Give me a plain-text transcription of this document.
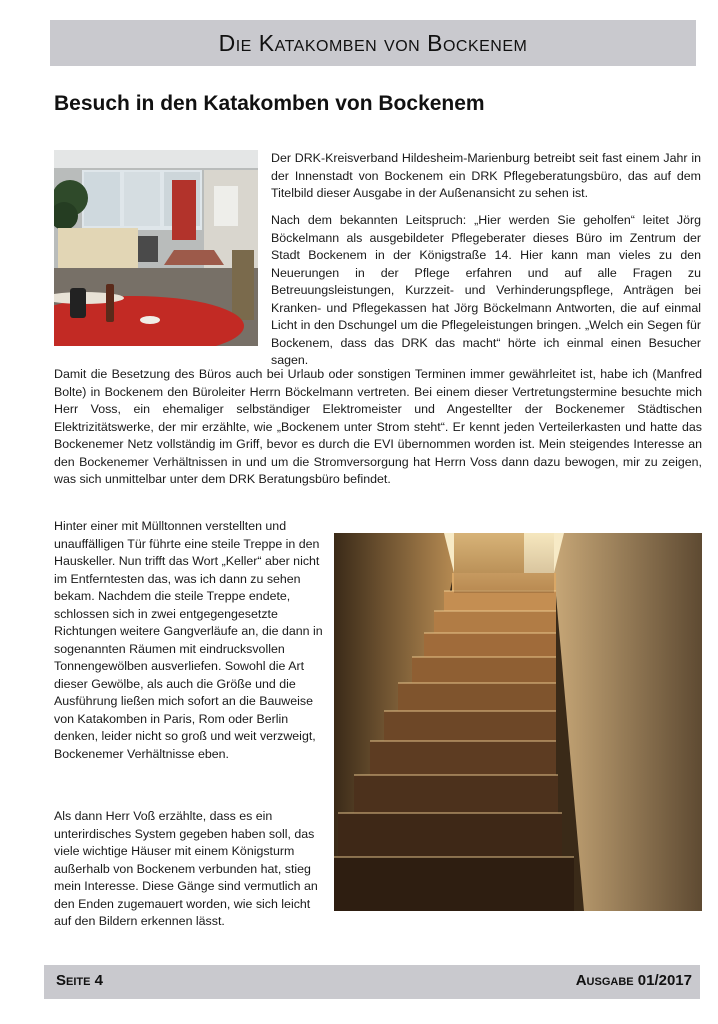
Die Katakomben von Bockenem
Besuch in den Katakomben von Bockenem

Der DRK-Kreisverband Hildesheim-Marienburg betreibt seit fast einem Jahr in der Innenstadt von Bockenem ein DRK Pflegeberatungsbüro, das auf dem Titelbild dieser Ausgabe in der Außenansicht zu sehen ist.

Nach dem bekannten Leitspruch: „Hier werden Sie geholfen“ leitet Jörg Böckelmann als ausgebildeter Pflegeberater dieses Büro im Zentrum der Stadt Bockenem in der Königstraße 14. Hier kann man vieles zu den Neuerungen in der Pflege erfahren und auf alle Fragen zu Betreuungsleistungen, Kurzzeit- und Verhinderungspflege, Anträgen bei Kranken- und Pflegekassen hat Jörg Böckelmann Antworten, die auf einmal Licht in den Dschungel um die Pflegeleistungen bringen. „Welch ein Segen für Bockenem, dass das DRK das macht“ hörte ich einmal einen Besucher sagen.

Damit die Besetzung des Büros auch bei Urlaub oder sonstigen Terminen immer gewährleitet ist, habe ich (Manfred Bolte) in Bockenem den Büroleiter Herrn Böckelmann vertreten. Bei einem dieser Vertretungstermine besuchte mich Herr Voss, ein ehemaliger selbständiger Elektromeister und Angestellter der Bockenemer Städtischen Elektrizitätswerke, der mir erzählte, wie „Bockenem unter Strom steht“. Er kennt jeden Verteilerkasten und hatte das Bockenemer Netz vollständig im Griff, bevor es durch die EVI übernommen worden ist. Mein steigendes Interesse an den Bockenemer Verhältnissen in und um die Stromversorgung hat Herrn Voss dann dazu bewogen, mir zu zeigen, was sich unmittelbar unter dem DRK Beratungsbüro befindet.

Hinter einer mit Mülltonnen verstellten und unauffälligen Tür führte eine steile Treppe in den Hauskeller. Nun trifft das Wort „Keller“ aber nicht im Entferntesten das, was ich dann zu sehen bekam. Nachdem die steile Treppe endete, schlossen sich in zwei entgegengesetzte Richtungen weitere Gangverläufe an, die dann in sogenannten Räumen mit eindrucksvollen Tonnengewölben ausverliefen. Sowohl die Art dieser Gewölbe, als auch die Größe und die Ausführung ließen mich sofort an die Bauweise von Katakomben in Paris, Rom oder Berlin denken, leider nicht so groß und weit verzweigt, Bockenemer Verhältnisse eben.

Als dann Herr Voß erzählte, dass es ein unterirdisches System gegeben haben soll, das viele wichtige Häuser mit einem Königsturm außerhalb von Bockenem verbunden hat, stieg mein Interesse. Diese Gänge sind vermutlich an den Enden zugemauert worden, wie sich leicht auf den Bildern erkennen lässt.

Seite 4	Ausgabe 01/2017
